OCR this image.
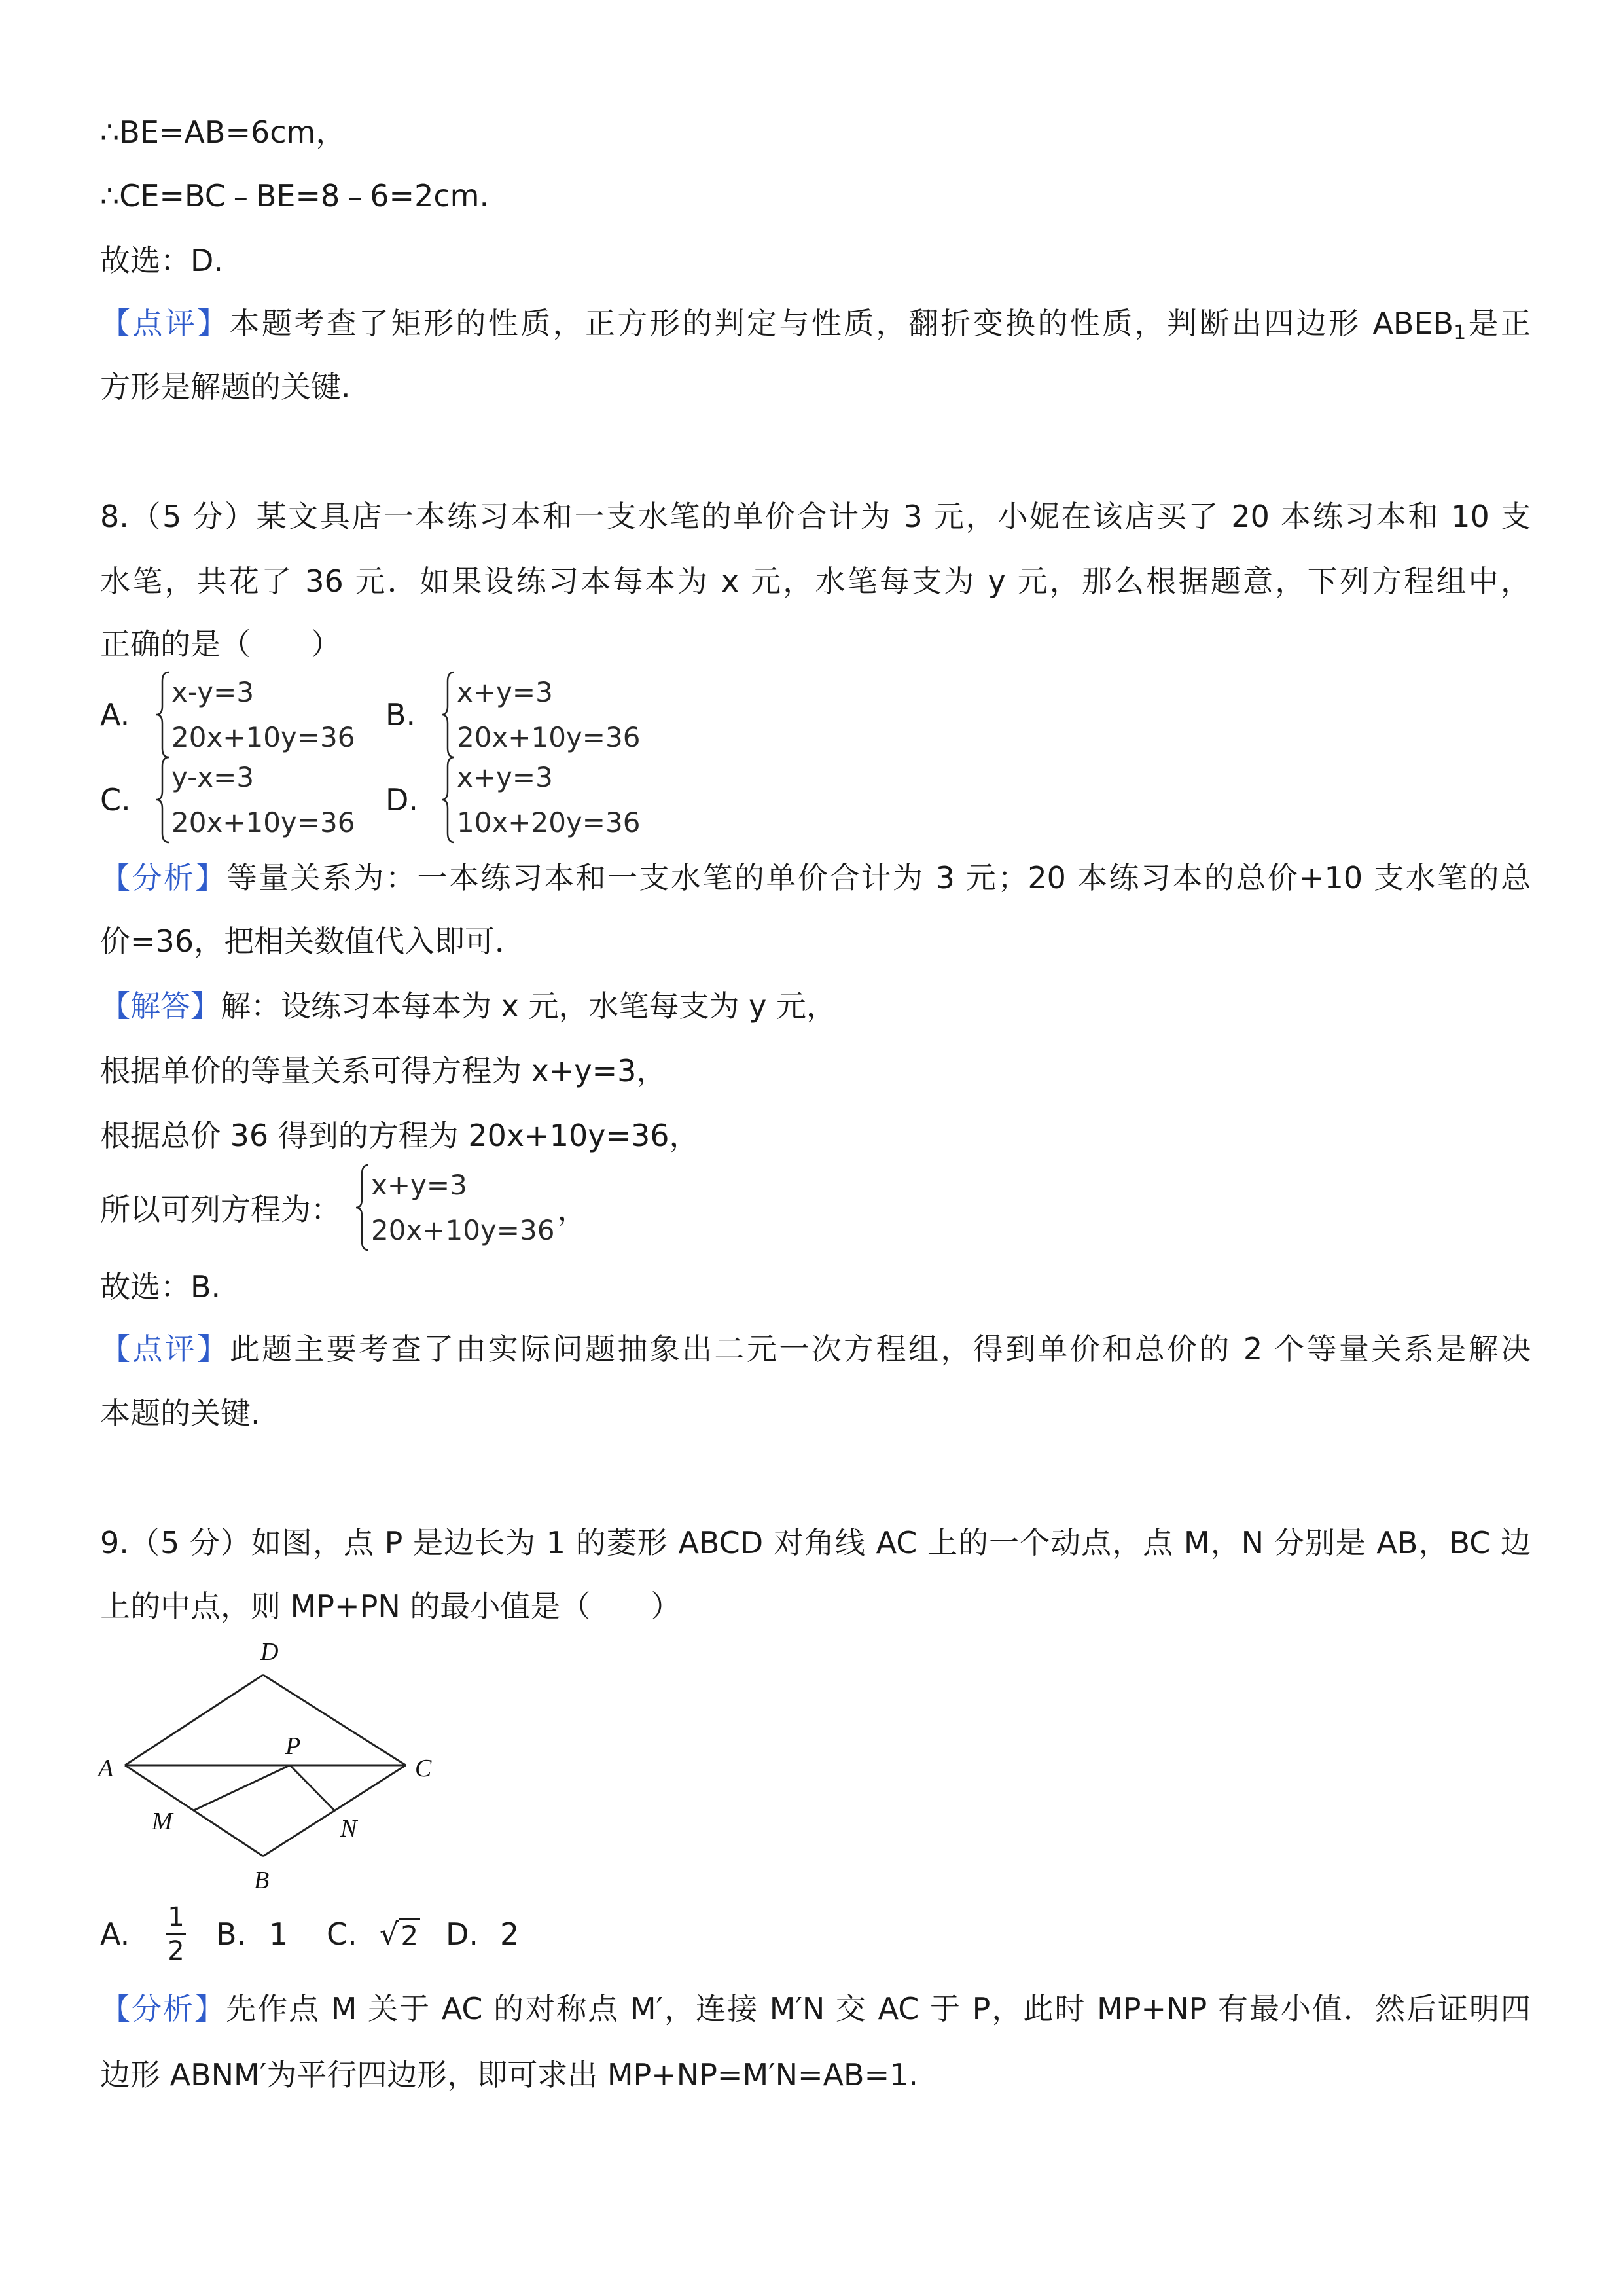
∴BE=AB=6cm，
∴CE=BC﹣BE=8﹣6=2cm.
故选：D.
【点评】本题考查了矩形的性质，正方形的判定与性质，翻折变换的性质，判断出四边形 $ABEB_1$是正
方形是解题的关键.
8.（5 分）某文具店一本练习本和一支水笔的单价合计为 3 元，小妮在该店买了 20 本练习本和 10 支
水笔，共花了 36 元．如果设练习本每本为 x 元，水笔每支为 y 元，那么根据题意，下列方程组中，
正确的是（　　）
A.
x-y=3
20x+10y=36
B.
x+y=3
20x+10y=36
C.
y-x=3
20x+10y=36
D.
x+y=3
10x+20y=36
【分析】等量关系为：一本练习本和一支水笔的单价合计为 3 元；20 本练习本的总价+10 支水笔的总
价=36，把相关数值代入即可．
【解答】解：设练习本每本为 x 元，水笔每支为 y 元，
根据单价的等量关系可得方程为 x+y=3，
根据总价 36 得到的方程为 20x+10y=36，
所以可列方程为：
x+y=3
20x+10y=36
，
故选：B.
【点评】此题主要考查了由实际问题抽象出二元一次方程组，得到单价和总价的 2 个等量关系是解决
本题的关键.
9.（5 分）如图，点 P 是边长为 1 的菱形 ABCD 对角线 AC 上的一个动点，点 M，N 分别是 AB，BC 边
上的中点，则 MP+PN 的最小值是（　　）
D
A
P
C
M	N
B
A. 1
2 B. 1 C. √ 2 D. 2
【分析】先作点 M 关于 AC 的对称点 M′，连接 M′N 交 AC 于 P，此时 MP+NP 有最小值．然后证明四
边形 ABNM′为平行四边形，即可求出 MP+NP=M′N=AB=1.
